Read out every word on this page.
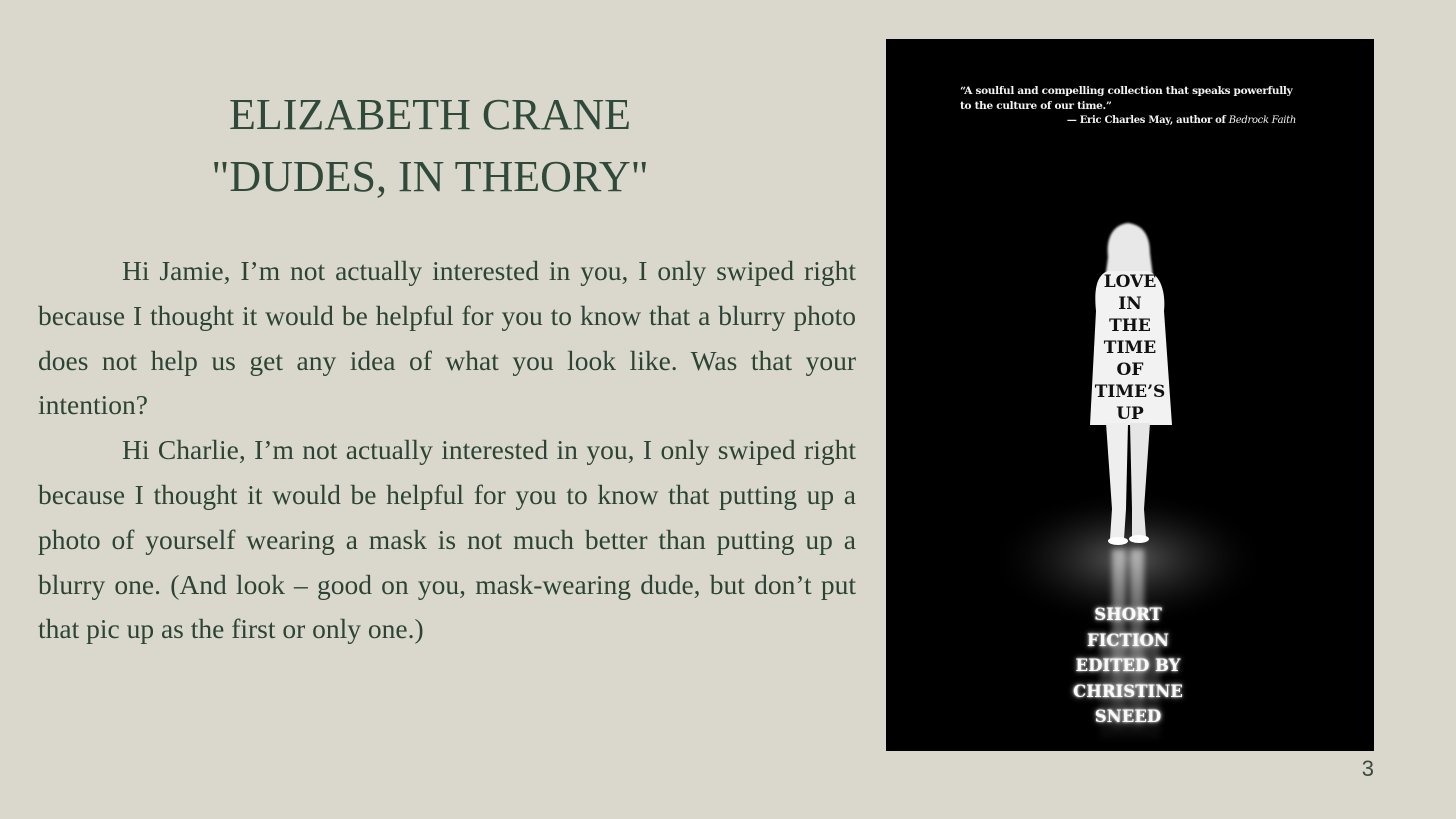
ELIZABETH CRANE
"DUDES, IN THEORY"

Hi Jamie, I’m not actually interested in you, I only swiped right because I thought it would be helpful for you to know that a blurry photo does not help us get any idea of what you look like. Was that your intention?

Hi Charlie, I’m not actually interested in you, I only swiped right because I thought it would be helpful for you to know that putting up a photo of yourself wearing a mask is not much better than putting up a blurry one. (And look – good on you, mask-wearing dude, but don’t put that pic up as the first or only one.)

“A soulful and compelling collection that speaks powerfully to the culture of our time.”
— Eric Charles May, author of Bedrock Faith
LOVE
IN
THE
TIME
OF
TIME’S
UP
SHORT
FICTION
EDITED BY
CHRISTINE
SNEED
3
